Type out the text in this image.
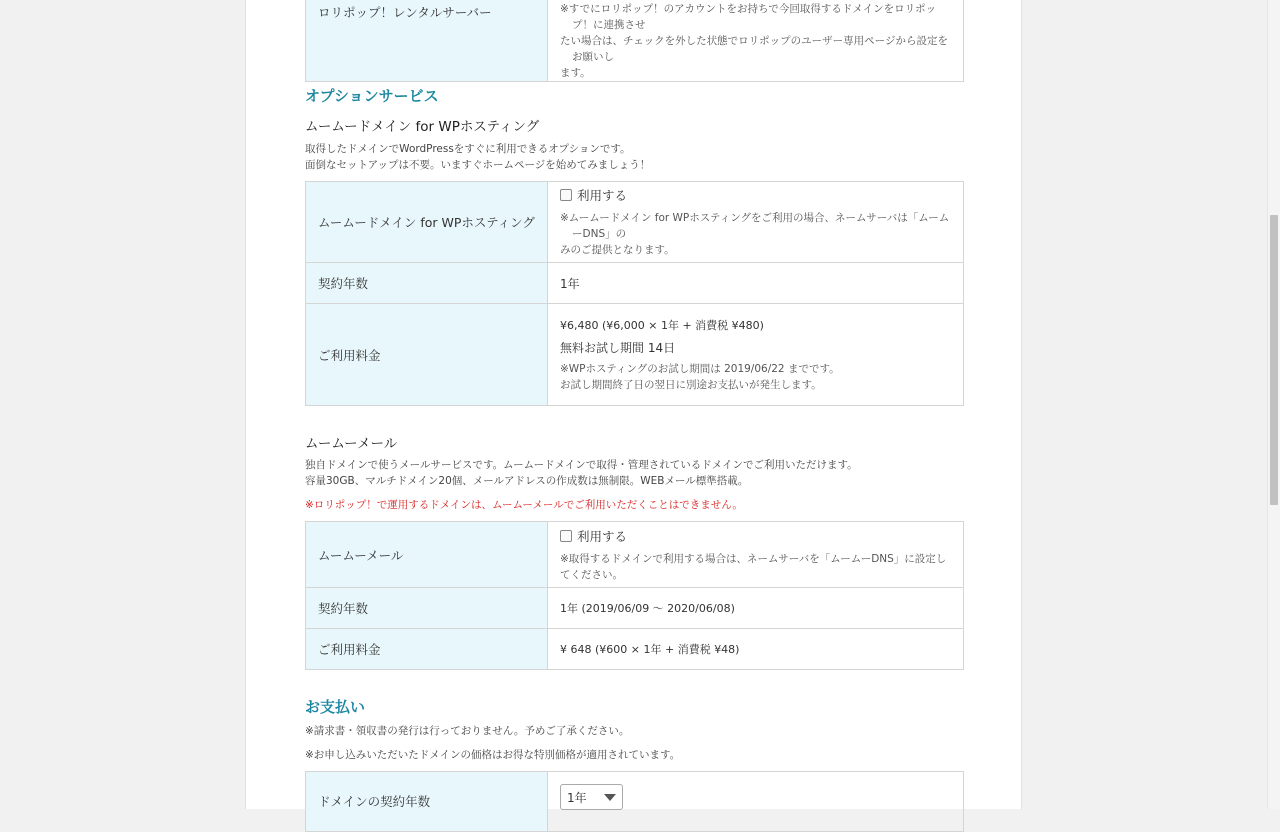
ロリポップ！レンタルサーバー	※すでにロリポップ！のアカウントをお持ちで今回取得するドメインをロリポップ！に連携させ
たい場合は、チェックを外した状態でロリポップのユーザー専用ページから設定をお願いし
ます。
オプションサービス
ムームードメイン for WPホスティング
取得したドメインでWordPressをすぐに利用できるオプションです。
面倒なセットアップは不要。いますぐホームページを始めてみましょう！
ムームードメイン for WPホスティング	利用する
※ムームードメイン for WPホスティングをご利用の場合、ネームサーバは「ムームーDNS」の
みのご提供となります。

契約年数	1年
ご利用料金	¥6,480 (¥6,000 × 1年 + 消費税 ¥480)
無料お試し期間 14日
※WPホスティングのお試し期間は 2019/06/22 までです。
お試し期間終了日の翌日に別途お支払いが発生します。
ムームーメール
独自ドメインで使うメールサービスです。ムームードメインで取得・管理されているドメインでご利用いただけます。
容量30GB、マルチドメイン20個、メールアドレスの作成数は無制限。WEBメール標準搭載。
※ロリポップ！で運用するドメインは、ムームーメールでご利用いただくことはできません。
ムームーメール	利用する
※取得するドメインで利用する場合は、ネームサーバを「ムームーDNS」に設定してください。

契約年数	1年 (2019/06/09 〜 2020/06/08)
ご利用料金	¥ 648 (¥600 × 1年 + 消費税 ¥48)
お支払い
※請求書・領収書の発行は行っておりません。予めご了承ください。
※お申し込みいただいたドメインの価格はお得な特別価格が適用されています。
ドメインの契約年数	1年
